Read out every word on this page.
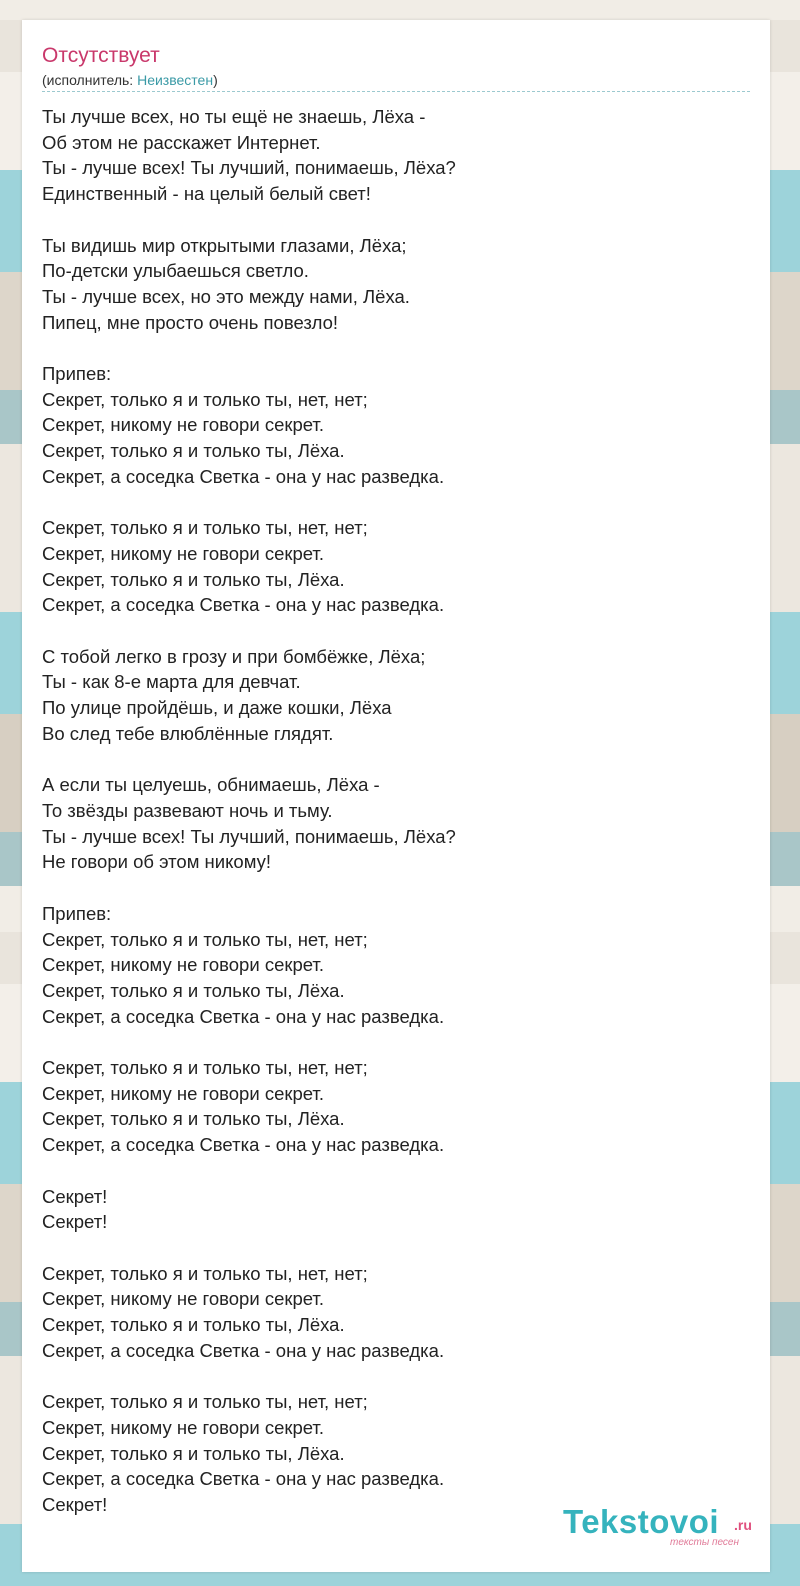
Отсутствует
(исполнитель: Неизвестен)
Ты лучше всех, но ты ещё не знаешь, Лёха -
Об этом не расскажет Интернет.
Ты - лучше всех! Ты лучший, понимаешь, Лёха?
Единственный - на целый белый свет!

Ты видишь мир открытыми глазами, Лёха;
По-детски улыбаешься светло.
Ты - лучше всех, но это между нами, Лёха.
Пипец, мне просто очень повезло!

Припев:
Секрет, только я и только ты, нет, нет;
Секрет, никому не говори секрет.
Секрет, только я и только ты, Лёха.
Секрет, а соседка Светка - она у нас разведка.

Секрет, только я и только ты, нет, нет;
Секрет, никому не говори секрет.
Секрет, только я и только ты, Лёха.
Секрет, а соседка Светка - она у нас разведка.

С тобой легко в грозу и при бомбёжке, Лёха;
Ты - как 8-е марта для девчат.
По улице пройдёшь, и даже кошки, Лёха
Во след тебе влюблённые глядят.

А если ты целуешь, обнимаешь, Лёха -
То звёзды развевают ночь и тьму.
Ты - лучше всех! Ты лучший, понимаешь, Лёха?
Не говори об этом никому!

Припев:
Секрет, только я и только ты, нет, нет;
Секрет, никому не говори секрет.
Секрет, только я и только ты, Лёха.
Секрет, а соседка Светка - она у нас разведка.

Секрет, только я и только ты, нет, нет;
Секрет, никому не говори секрет.
Секрет, только я и только ты, Лёха.
Секрет, а соседка Светка - она у нас разведка.

Секрет!
Секрет!

Секрет, только я и только ты, нет, нет;
Секрет, никому не говори секрет.
Секрет, только я и только ты, Лёха.
Секрет, а соседка Светка - она у нас разведка.

Секрет, только я и только ты, нет, нет;
Секрет, никому не говори секрет.
Секрет, только я и только ты, Лёха.
Секрет, а соседка Светка - она у нас разведка.
Секрет!	Tekstovoi .ru
тексты песен
